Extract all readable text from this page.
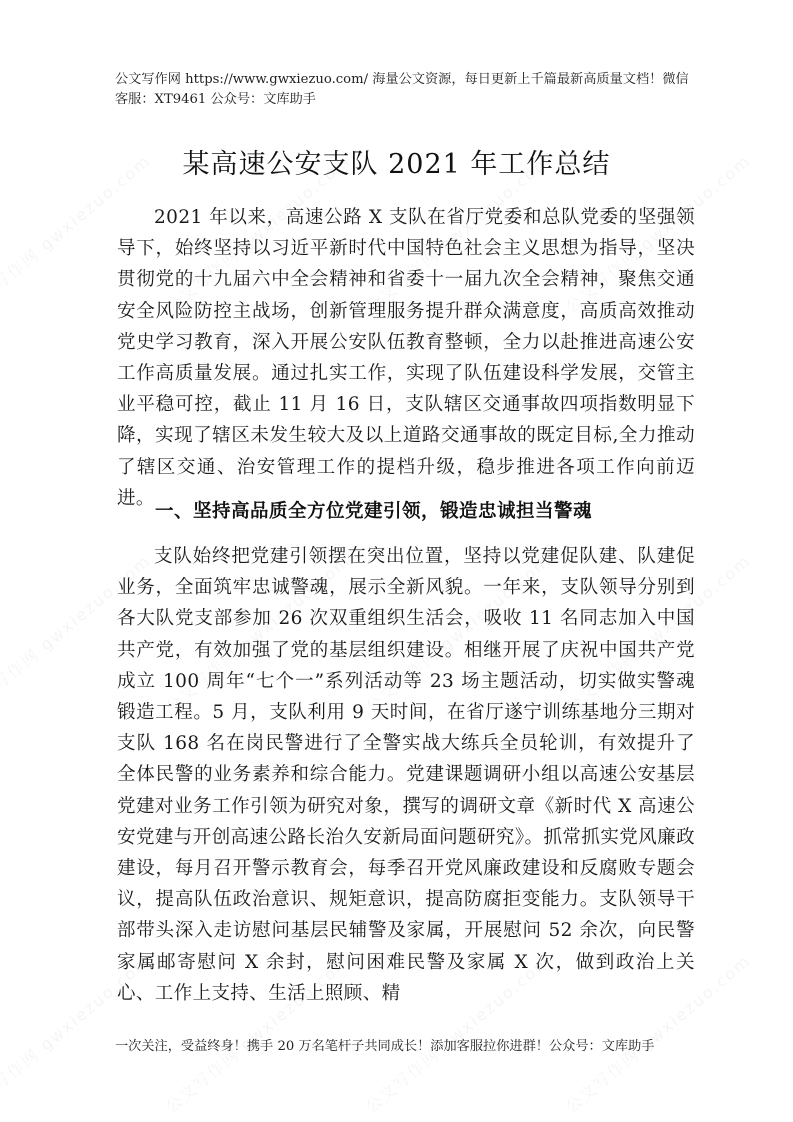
公文写作网 https://www.gwxiezuo.com/ 海量公文资源，每日更新上千篇最新高质量文档！微信客服：XT9461 公众号：文库助手
某高速公安支队 2021 年工作总结

2021 年以来，高速公路 X 支队在省厅党委和总队党委的坚强领导下，始终坚持以习近平新时代中国特色社会主义思想为指导，坚决贯彻党的十九届六中全会精神和省委十一届九次全会精神，聚焦交通安全风险防控主战场，创新管理服务提升群众满意度，高质高效推动党史学习教育，深入开展公安队伍教育整顿，全力以赴推进高速公安工作高质量发展。通过扎实工作，实现了队伍建设科学发展，交管主业平稳可控，截止 11 月 16 日，支队辖区交通事故四项指数明显下降，实现了辖区未发生较大及以上道路交通事故的既定目标,全力推动了辖区交通、治安管理工作的提档升级，稳步推进各项工作向前迈进。

一、坚持高品质全方位党建引领，锻造忠诚担当警魂

支队始终把党建引领摆在突出位置，坚持以党建促队建、队建促业务，全面筑牢忠诚警魂，展示全新风貌。一年来，支队领导分别到各大队党支部参加 26 次双重组织生活会，吸收 11 名同志加入中国共产党，有效加强了党的基层组织建设。相继开展了庆祝中国共产党成立 100 周年“七个一”系列活动等 23 场主题活动，切实做实警魂锻造工程。5 月，支队利用 9 天时间，在省厅遂宁训练基地分三期对支队 168 名在岗民警进行了全警实战大练兵全员轮训，有效提升了全体民警的业务素养和综合能力。党建课题调研小组以高速公安基层党建对业务工作引领为研究对象，撰写的调研文章《新时代 X 高速公安党建与开创高速公路长治久安新局面问题研究》。抓常抓实党风廉政建设，每月召开警示教育会，每季召开党风廉政建设和反腐败专题会议，提高队伍政治意识、规矩意识，提高防腐拒变能力。支队领导干部带头深入走访慰问基层民辅警及家属，开展慰问 52 余次，向民警家属邮寄慰问 X 余封，慰问困难民警及家属 X 次，做到政治上关心、工作上支持、生活上照顾、精

一次关注，受益终身！携手 20 万名笔杆子共同成长！添加客服拉你进群！公众号：文库助手
